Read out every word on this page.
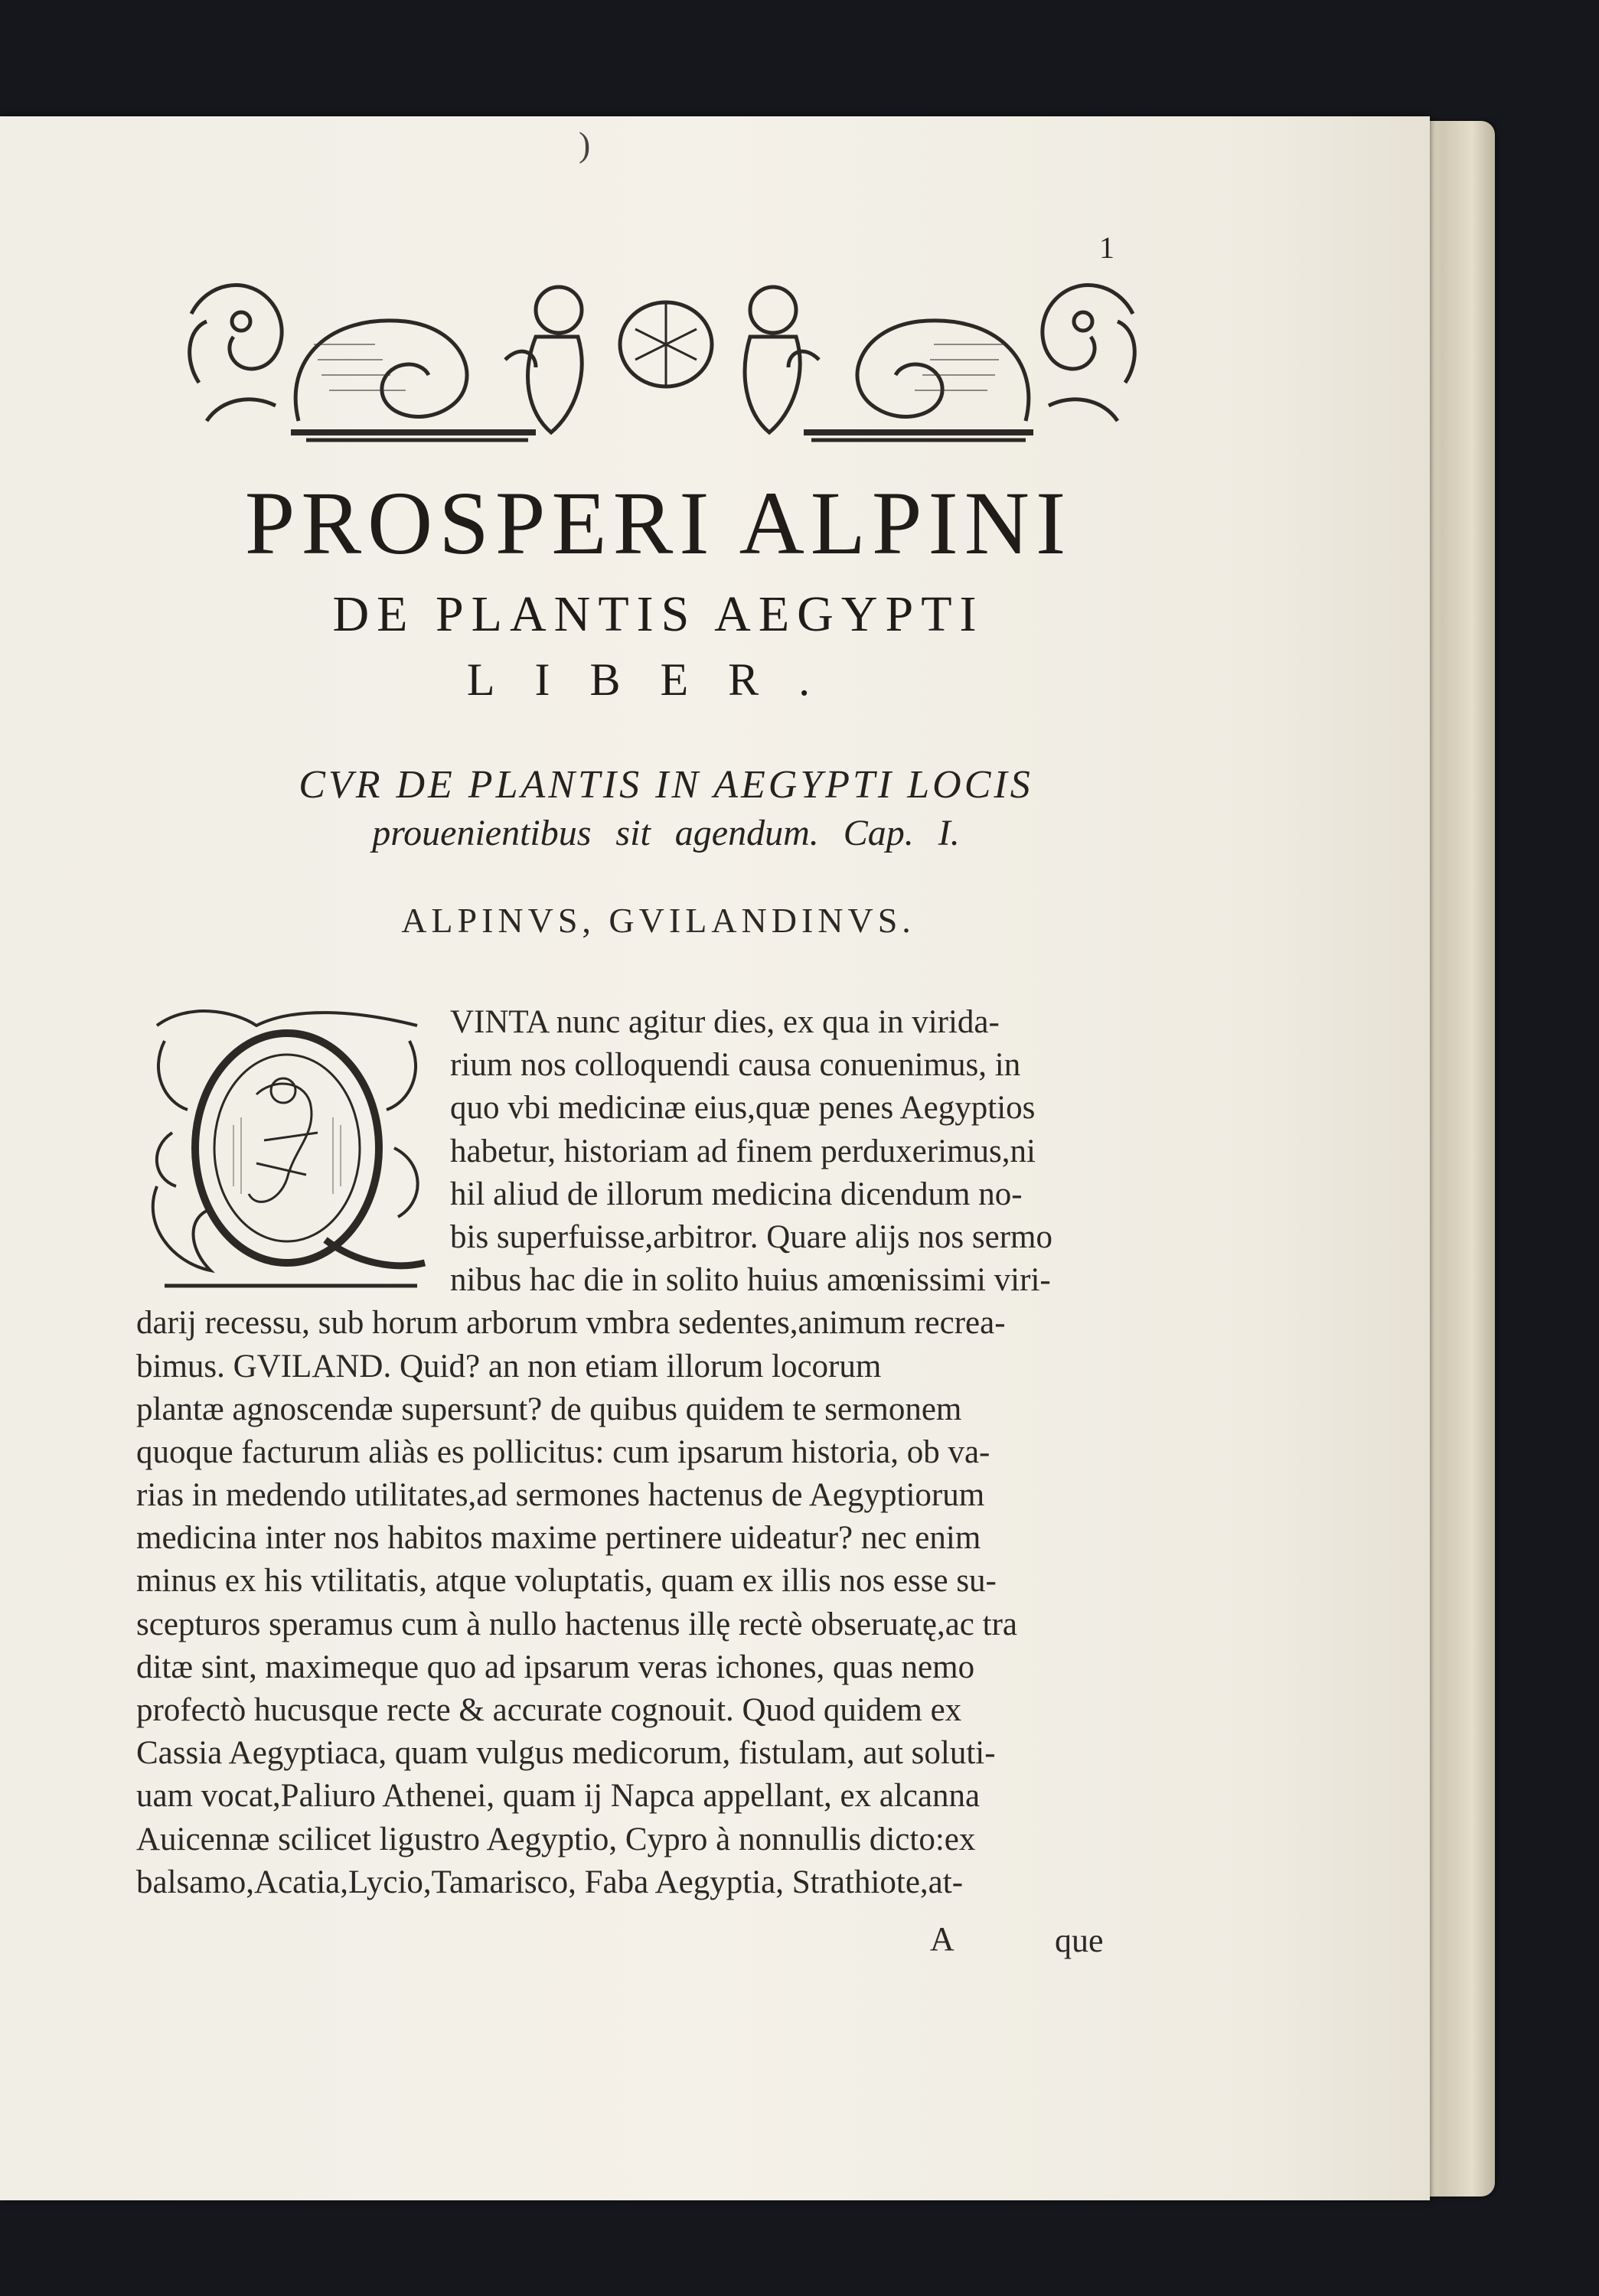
)
1
PROSPERI ALPINI
DE PLANTIS AEGYPTI
LIBER.
CVR DE PLANTIS IN AEGYPTI LOCIS
prouenientibus sit agendum. Cap. I.
ALPINVS, GVILANDINVS.
VINTA nunc agitur dies, ex qua in virida-
rium nos colloquendi causa conuenimus, in
quo vbi medicinæ eius,quæ penes Aegyptios
habetur, historiam ad finem perduxerimus,ni
hil aliud de illorum medicina dicendum no-
bis superfuisse,arbitror. Quare alijs nos sermo
nibus hac die in solito huius amœnissimi viri-
darij recessu, sub horum arborum vmbra sedentes,animum recrea-
bimus. GVILAND. Quid? an non etiam illorum locorum
plantæ agnoscendæ supersunt? de quibus quidem te sermonem
quoque facturum aliàs es pollicitus: cum ipsarum historia, ob va-
rias in medendo utilitates,ad sermones hactenus de Aegyptiorum
medicina inter nos habitos maxime pertinere uideatur? nec enim
minus ex his vtilitatis, atque voluptatis, quam ex illis nos esse su-
scepturos speramus cum à nullo hactenus illę rectè obseruatę,ac tra
ditæ sint, maximeque quo ad ipsarum veras ichones, quas nemo
profectò hucusque recte & accurate cognouit. Quod quidem ex
Cassia Aegyptiaca, quam vulgus medicorum, fistulam, aut soluti-
uam vocat,Paliuro Athenei, quam ij Napca appellant, ex alcanna
Auicennæ scilicet ligustro Aegyptio, Cypro à nonnullis dicto:ex
balsamo,Acatia,Lycio,Tamarisco, Faba Aegyptia, Strathiote,at-
A	que
